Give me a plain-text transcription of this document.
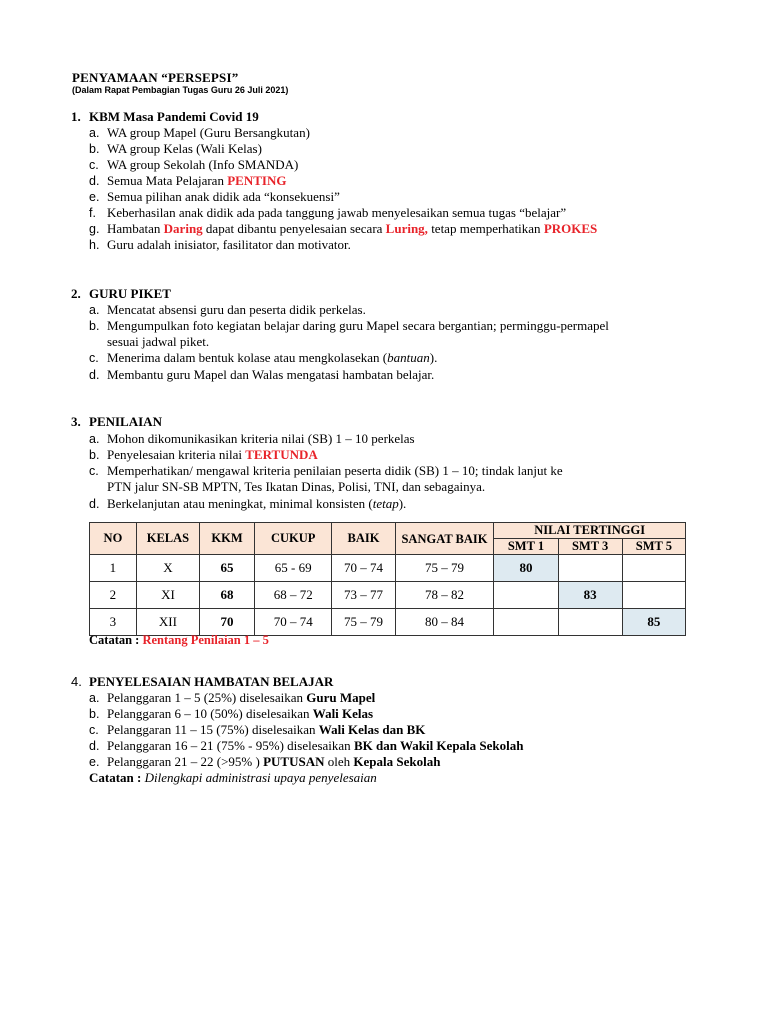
PENYAMAAN “PERSEPSI”
(Dalam Rapat Pembagian Tugas Guru 26 Juli 2021)
1. KBM Masa Pandemi Covid 19
a. WA group Mapel (Guru Bersangkutan)
b. WA group Kelas (Wali Kelas)
c. WA group Sekolah (Info SMANDA)
d. Semua Mata Pelajaran PENTING
e. Semua pilihan anak didik ada “konsekuensi”
f. Keberhasilan anak didik ada pada tanggung jawab menyelesaikan semua tugas “belajar”
g. Hambatan Daring dapat dibantu penyelesaian secara Luring, tetap memperhatikan PROKES
h. Guru adalah inisiator, fasilitator dan motivator.
2. GURU PIKET
a. Mencatat absensi guru dan peserta didik perkelas.
b. Mengumpulkan foto kegiatan belajar daring guru Mapel secara bergantian; perminggu-permapel
sesuai jadwal piket.
c. Menerima dalam bentuk kolase atau mengkolasekan (bantuan).
d. Membantu guru Mapel dan Walas mengatasi hambatan belajar.
3. PENILAIAN
a. Mohon dikomunikasikan kriteria nilai (SB) 1 – 10 perkelas
b. Penyelesaian kriteria nilai TERTUNDA
c. Memperhatikan/ mengawal kriteria penilaian peserta didik (SB) 1 – 10; tindak lanjut ke
PTN jalur SN-SB MPTN, Tes Ikatan Dinas, Polisi, TNI, dan sebagainya.
d. Berkelanjutan atau meningkat, minimal konsisten (tetap).
NO	KELAS	KKM	CUKUP	BAIK	SANGAT BAIK	NILAI TERTINGGI		
						SMT 1	SMT 3	SMT 5
1	X	65	65 - 69	70 – 74	75 – 79	80		
2	XI	68	68 – 72	73 – 77	78 – 82		83	
3	XII	70	70 – 74	75 – 79	80 – 84			85
Catatan : Rentang Penilaian 1 – 5
4. PENYELESAIAN HAMBATAN BELAJAR
a. Pelanggaran 1 – 5 (25%) diselesaikan Guru Mapel
b. Pelanggaran 6 – 10 (50%) diselesaikan Wali Kelas
c. Pelanggaran 11 – 15 (75%) diselesaikan Wali Kelas dan BK
d. Pelanggaran 16 – 21 (75% - 95%) diselesaikan BK dan Wakil Kepala Sekolah
e. Pelanggaran 21 – 22 (>95% ) PUTUSAN oleh Kepala Sekolah
Catatan : Dilengkapi administrasi upaya penyelesaian
